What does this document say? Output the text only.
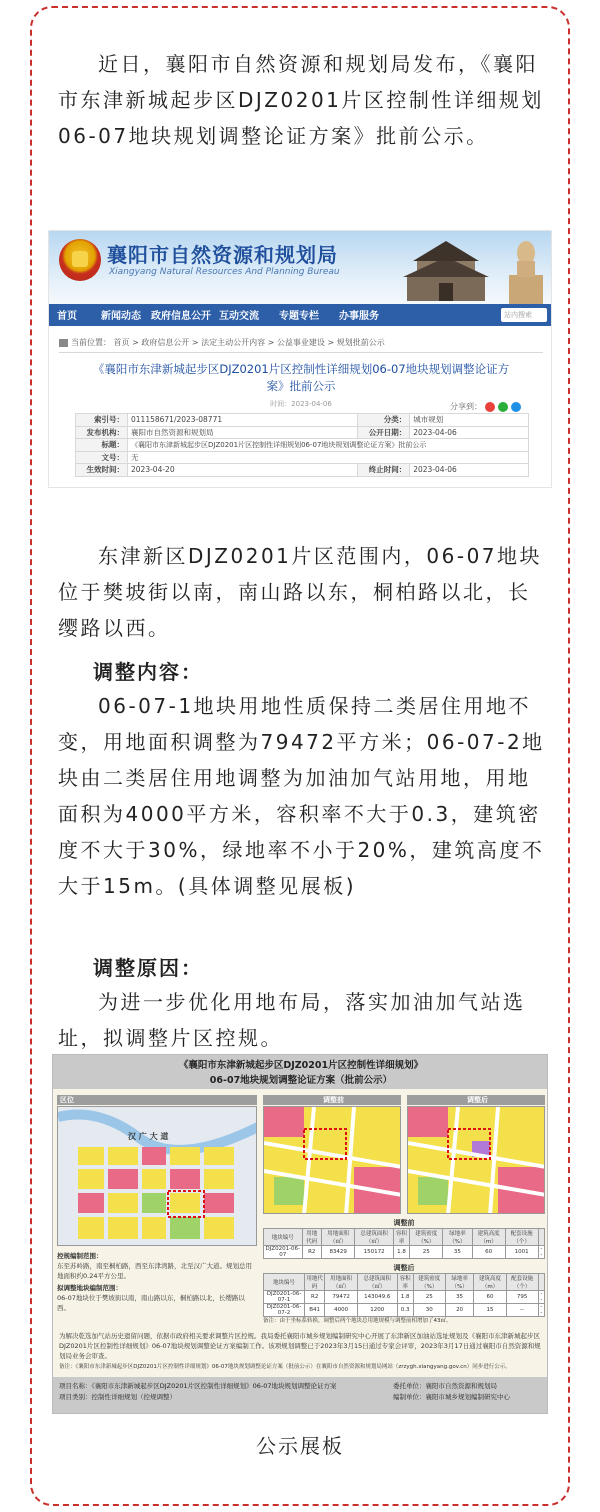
近日，襄阳市自然资源和规划局发布，《襄阳市东津新城起步区DJZ0201片区控制性详细规划06-07地块规划调整论证方案》批前公示。
襄阳市自然资源和规划局
Xiangyang Natural Resources And Planning Bureau
首页 新闻动态 政府信息公开 互动交流 专题专栏 办事服务	站内搜索
当前位置： 首页 > 政府信息公开 > 法定主动公开内容 > 公益事业建设 > 规划批前公示
《襄阳市东津新城起步区DJZ0201片区控制性详细规划06-07地块规划调整论证方案》批前公示
时间：2023-04-06	分享到：
索引号：	011158671/2023-08771	分类：	城市规划
发布机构：	襄阳市自然资源和规划局	公开日期：	2023-04-06
标题：	《襄阳市东津新城起步区DJZ0201片区控制性详细规划06-07地块规划调整论证方案》批前公示		
文号：	无		
生效时间：	2023-04-20	终止时间：	2023-04-06
东津新区DJZ0201片区范围内，06-07地块位于樊坡街以南，南山路以东，桐柏路以北，长缨路以西。
调整内容：
06-07-1地块用地性质保持二类居住用地不变，用地面积调整为79472平方米；06-07-2地块由二类居住用地调整为加油加气站用地，用地面积为4000平方米，容积率不大于0.3，建筑密度不大于30%，绿地率不小于20%，建筑高度不大于15m。(具体调整见展板)
调整原因：
为进一步优化用地布局，落实加油加气站选址，拟调整片区控规。
《襄阳市东津新城起步区DJZ0201片区控制性详细规划》
06-07地块规划调整论证方案（批前公示）
区位
汉 广 大 道
调整前	调整后
控规编制范围：
东至苏岭路，南至桐柏路，西至东津湾路，北至汉广大道。规划总用地面积约0.24平方公里。
拟调整地块编制范围：
06-07地块位于樊坡街以南，南山路以东，桐柏路以北，长缨路以西。
调整前
地块编号	用地代码	用地面积（㎡）	总建筑面积（㎡）	容积率	建筑密度（%）	绿地率（%）	建筑高度（m）	配套设施（个）	
DJZ0201-06-07	R2	83429	150172	1.8	25	35	60	1001	--
调整后
地块编号	用地代码	用地面积（㎡）	总建筑面积（㎡）	容积率	建筑密度（%）	绿地率（%）	建筑高度（m）	配套设施（个）	
DJZ0201-06-07-1	R2	79472	143049.6	1.8	25	35	60	795	--
DJZ0201-06-07-2	B41	4000	1200	0.3	30	20	15	--	--
备注：由于坐标系转换，调整后两个地块总用地规模与调整前相增加了43㎡。
为解决乾选加气站历史遗留问题，依据市政府相关要求调整片区控规。我局委托襄阳市城乡规划编制研究中心开展了东津新区加油站选址规划及《襄阳市东津新城起步区DJZ0201片区控制性详细规划》06-07地块规划调整论证方案编制工作。该项规划调整已于2023年3月15日通过专家会评审，2023年3月17日通过襄阳市自然资源和规划局业务会审查。
备注：《襄阳市东津新城起步区DJZ0201片区控制性详细规划》06-07地块规划调整论证方案（批前公示）在襄阳市自然资源和规划局网站（zrzygh.xiangyang.gov.cn）同步进行公示。
项目名称：《襄阳市东津新城起步区DJZ0201片区控制性详细规划》06-07地块规划调整论证方案
项目类别：控制性详细规划（控规调整）
委托单位：襄阳市自然资源和规划局
编制单位：襄阳市城乡规划编制研究中心
公示展板
